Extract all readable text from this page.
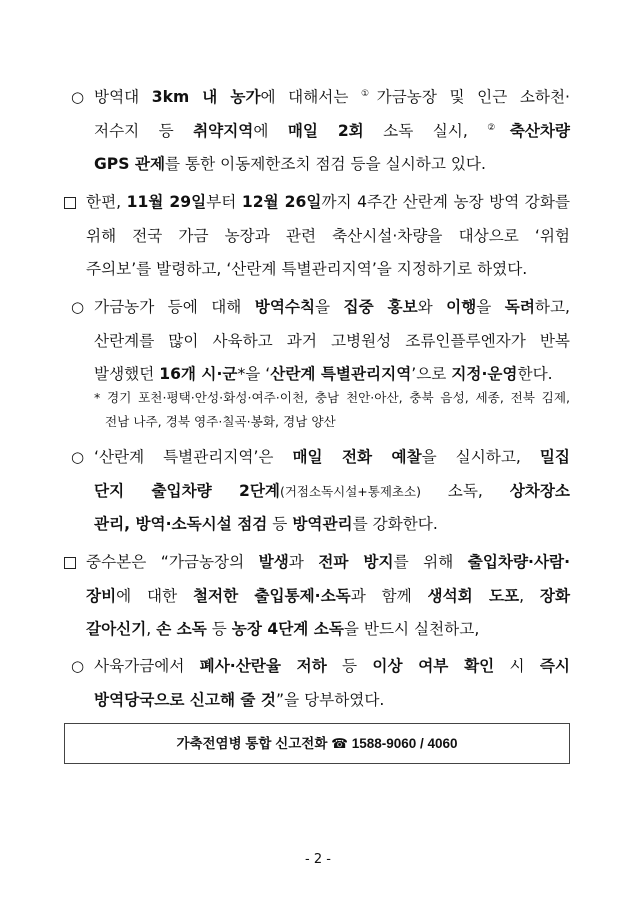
○ 방역대 3km 내 농가에 대해서는 ①가금농장 및 인근 소하천·
저수지 등 취약지역에 매일 2회 소독 실시, ②축산차량
GPS 관제를 통한 이동제한조치 점검 등을 실시하고 있다.
한편, 11월 29일부터 12월 26일까지 4주간 산란계 농장 방역 강화를
위해 전국 가금 농장과 관련 축산시설·차량을 대상으로 ‘위험
주의보’를 발령하고, ‘산란계 특별관리지역’을 지정하기로 하였다.
○ 가금농가 등에 대해 방역수칙을 집중 홍보와 이행을 독려하고,
산란계를 많이 사육하고 과거 고병원성 조류인플루엔자가 반복
발생했던 16개 시·군*을 ‘산란계 특별관리지역’으로 지정·운영한다.
* 경기 포천·평택·안성·화성·여주·이천, 충남 천안·아산, 충북 음성, 세종, 전북 김제,
전남 나주, 경북 영주·칠곡·봉화, 경남 양산
○ ‘산란계 특별관리지역’은 매일 전화 예찰을 실시하고, 밀집
단지 출입차량 2단계(거점소독시설+통제초소) 소독, 상차장소
관리, 방역·소독시설 점검 등 방역관리를 강화한다.
중수본은 “가금농장의 발생과 전파 방지를 위해 출입차량·사람·
장비에 대한 철저한 출입통제·소독과 함께 생석회 도포, 장화
갈아신기, 손 소독 등 농장 4단계 소독을 반드시 실천하고,
○ 사육가금에서 폐사·산란율 저하 등 이상 여부 확인 시 즉시
방역당국으로 신고해 줄 것”을 당부하였다.
가축전염병 통합 신고전화 ☎ 1588-9060 / 4060
- 2 -
